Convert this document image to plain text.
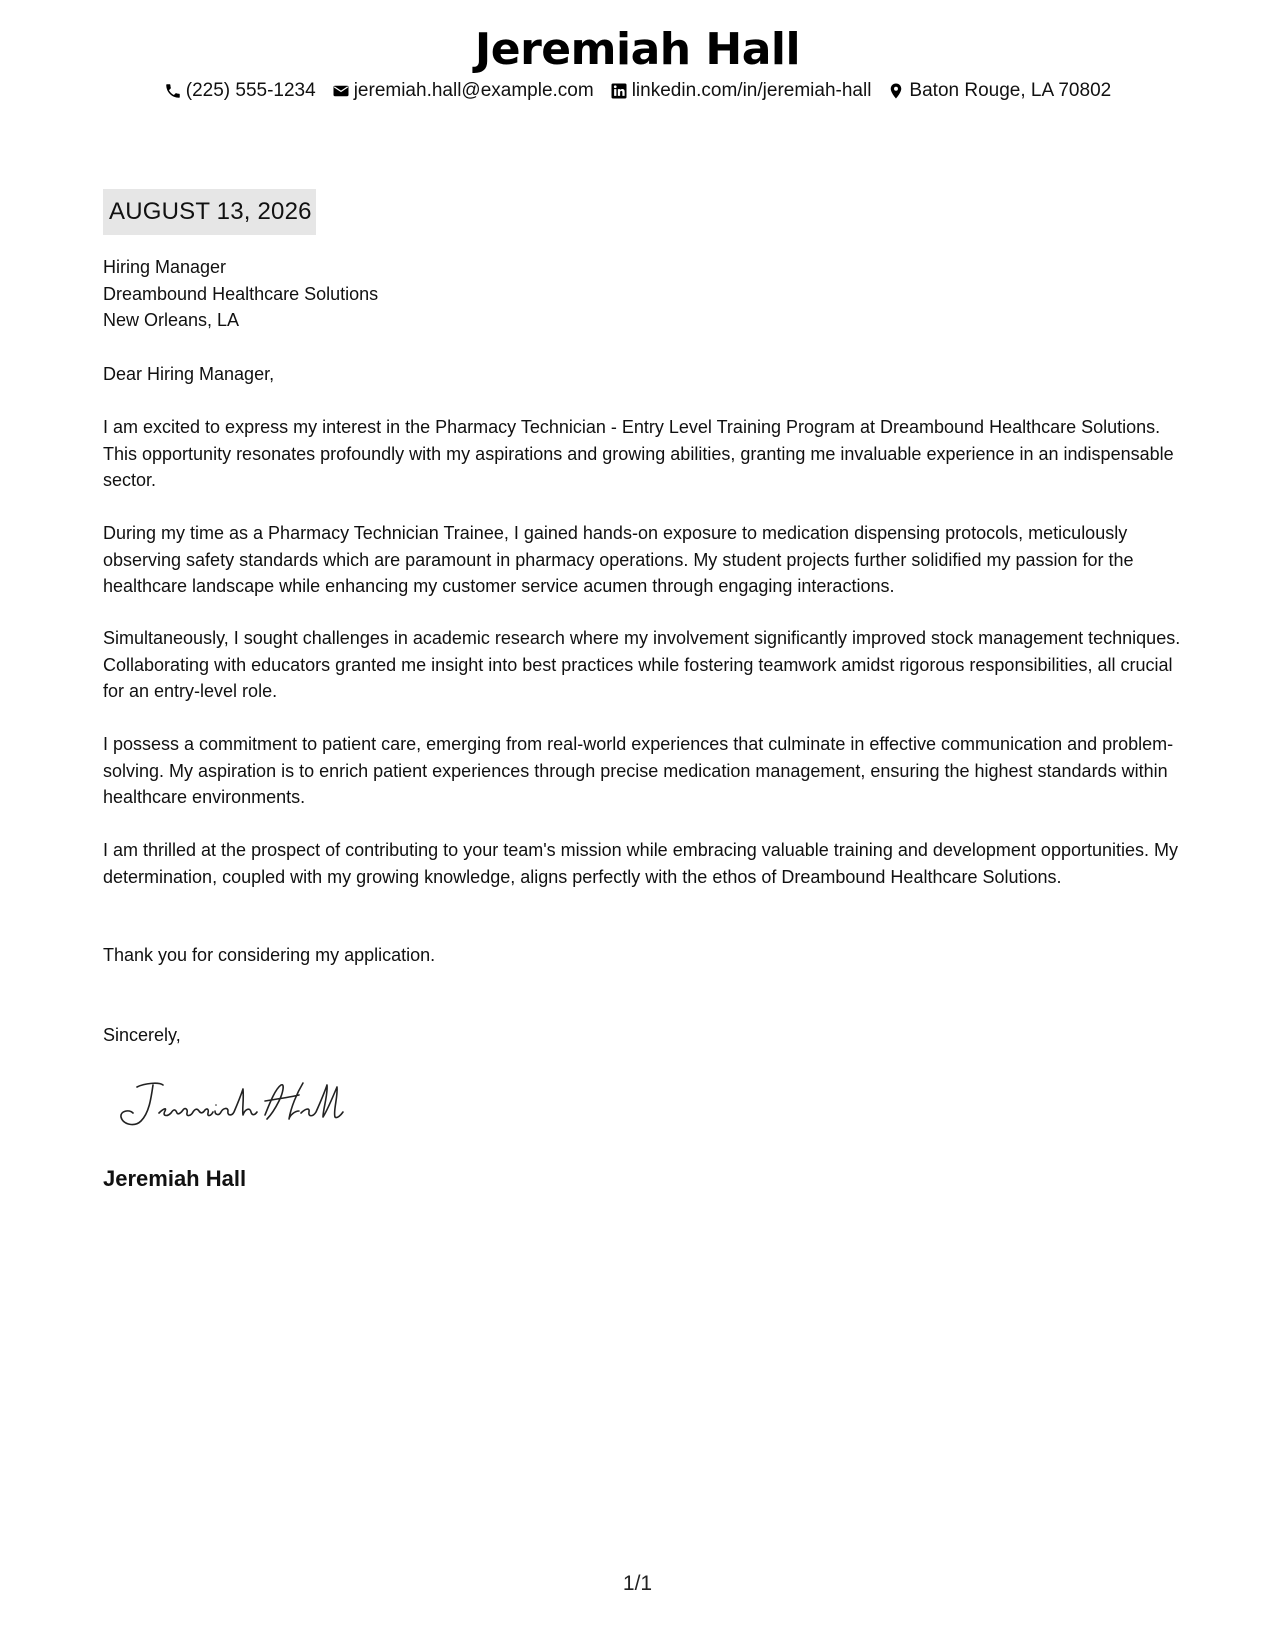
Jeremiah Hall
(225) 555-1234 jeremiah.hall@example.com linkedin.com/in/jeremiah-hall Baton Rouge, LA 70802
AUGUST 13, 2026
Hiring Manager
Dreambound Healthcare Solutions
New Orleans, LA
Dear Hiring Manager,
I am excited to express my interest in the Pharmacy Technician - Entry Level Training Program at Dreambound Healthcare Solutions. This opportunity resonates profoundly with my aspirations and growing abilities, granting me invaluable experience in an indispensable sector.
During my time as a Pharmacy Technician Trainee, I gained hands-on exposure to medication dispensing protocols, meticulously observing safety standards which are paramount in pharmacy operations. My student projects further solidified my passion for the healthcare landscape while enhancing my customer service acumen through engaging interactions.
Simultaneously, I sought challenges in academic research where my involvement significantly improved stock management techniques. Collaborating with educators granted me insight into best practices while fostering teamwork amidst rigorous responsibilities, all crucial for an entry-level role.
I possess a commitment to patient care, emerging from real-world experiences that culminate in effective communication and problem-solving. My aspiration is to enrich patient experiences through precise medication management, ensuring the highest standards within healthcare environments.
I am thrilled at the prospect of contributing to your team's mission while embracing valuable training and development opportunities. My determination, coupled with my growing knowledge, aligns perfectly with the ethos of Dreambound Healthcare Solutions.
Thank you for considering my application.
Sincerely,
Jeremiah Hall
1/1
